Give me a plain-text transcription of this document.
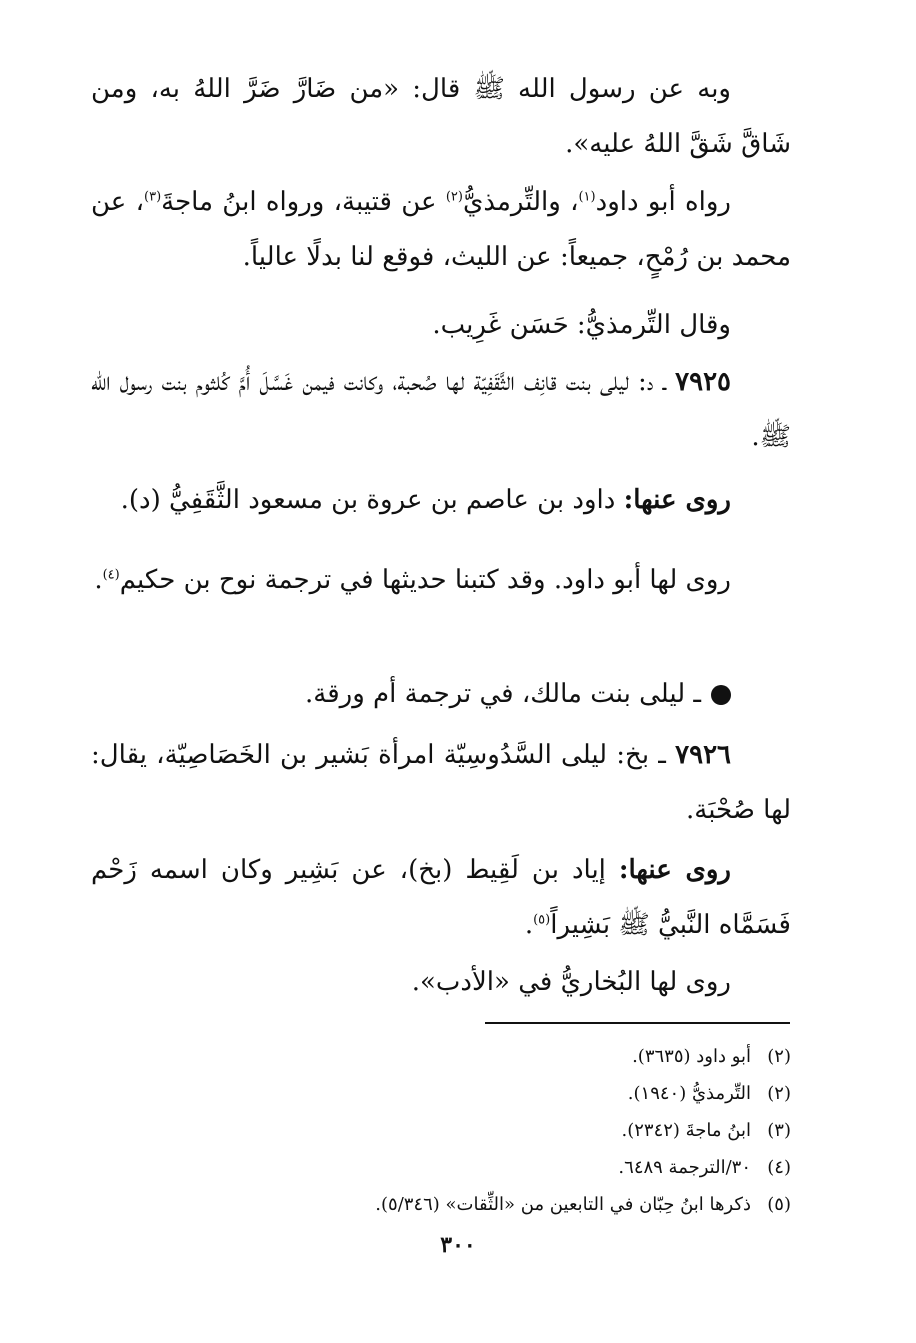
وبه عن رسول الله ﷺ قال: «من ضَارَّ ضَرَّ اللهُ به، ومن شَاقَّ شَقَّ اللهُ عليه».
رواه أبو داود$^{(١)}$، والتِّرمذيُّ$^{(٢)}$ عن قتيبة، ورواه ابنُ ماجةَ$^{(٣)}$، عن محمد بن رُمْحٍ، جميعاً: عن الليث، فوقع لنا بدلًا عالياً.
وقال التِّرمذيُّ: حَسَن غَرِيب.
٧٩٢٥ ـ د: ليلى بنت قانِف الثَّقَفِيّة لها صُحبة، وكانت فيمن غَسَّلَ أُمَّ كُلثوم بنت رسول الله ﷺ.
روى عنها: داود بن عاصم بن عروة بن مسعود الثَّقَفِيُّ (د).
روى لها أبو داود. وقد كتبنا حديثها في ترجمة نوح بن حكيم$^{(٤)}$.
ـ ليلى بنت مالك، في ترجمة أم ورقة.
٧٩٢٦ ـ بخ: ليلى السَّدُوسِيّة امرأة بَشير بن الخَصَاصِيّة، يقال: لها صُحْبَة.
روى عنها: إياد بن لَقِيط (بخ)، عن بَشِير وكان اسمه زَحْم فَسَمَّاه النَّبيُّ ﷺ بَشِيراً$^{(٥)}$.
روى لها البُخاريُّ في «الأدب».
(٢)أبو داود (٣٦٣٥).
(٢)التِّرمذيُّ (١٩٤٠).
(٣)ابنُ ماجةَ (٢٣٤٢).
(٤)٣٠/الترجمة ٦٤٨٩.
(٥)ذكرها ابنُ حِبّان في التابعين من «الثِّقات» (٥/٣٤٦).
٣٠٠
